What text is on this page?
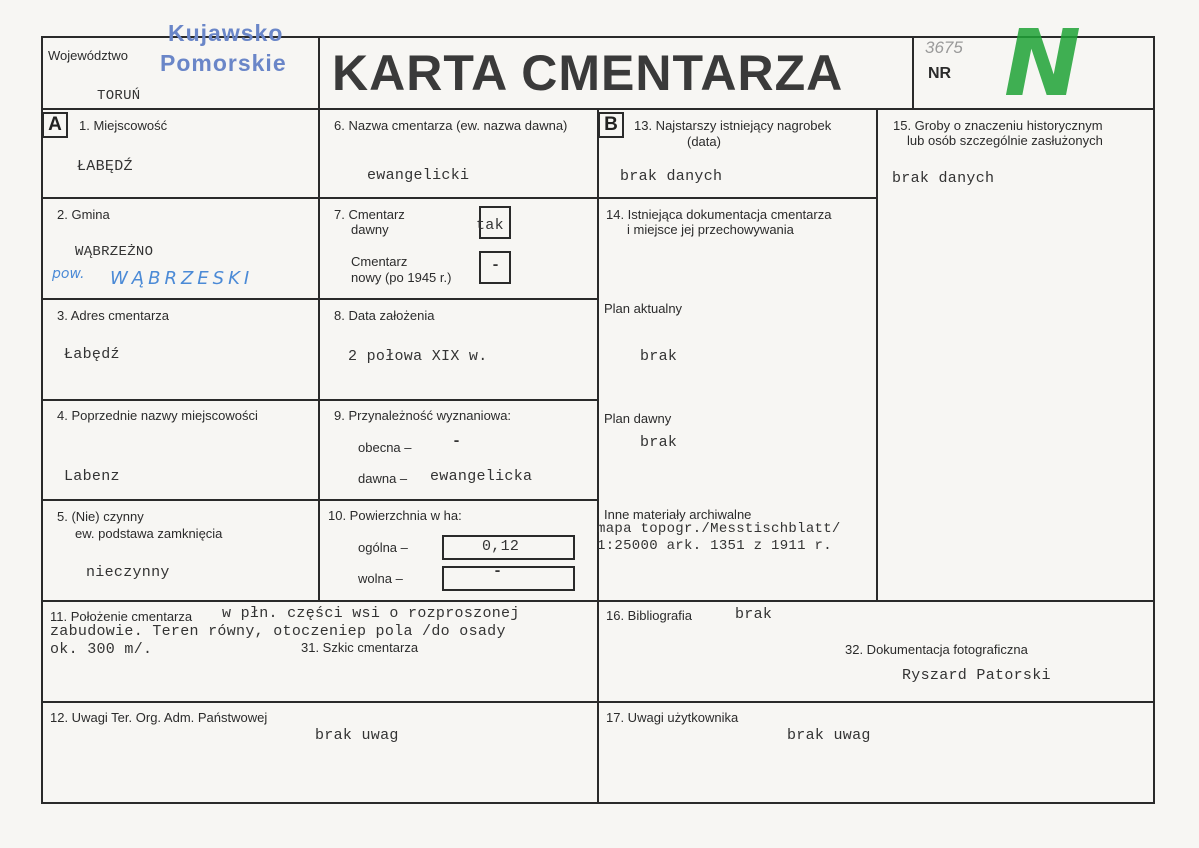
Województwo
Kujawsko
Pomorskie
TORUŃ	KARTA CMENTARZA	NR
3675 N
A	1. Miejscowość
ŁABĘDŹ
6. Nazwa cmentarza (ew. nazwa dawna)
ewangelicki
B	13. Najstarszy istniejący nagrobek
(data)
brak danych
15. Groby o znaczeniu historycznym
lub osób szczególnie zasłużonych
brak danych
2. Gmina
WĄBRZEŻNO
pow. WĄBRZESKI
7. Cmentarz
dawny	tak
Cmentarz
nowy (po 1945 r.)
-
14. Istniejąca dokumentacja cmentarza
i miejsce jej przechowywania
Plan aktualny
brak
3. Adres cmentarza
Łabędź
8. Data założenia
2 połowa XIX w.
Plan dawny
brak
4. Poprzednie nazwy miejscowości
Labenz
9. Przynależność wyznaniowa:
obecna –	-
dawna – ewangelicka
Inne materiały archiwalne
mapa topogr./Messtischblatt/
1:25000 ark. 1351 z 1911 r.
5. (Nie) czynny
ew. podstawa zamknięcia
nieczynny
10. Powierzchnia w ha:
ogólna –	0,12
wolna –	-
11. Położenie cmentarza w płn. części wsi o rozproszonej
zabudowie. Teren równy, otoczeniep pola /do osady
ok. 300 m/.	31. Szkic cmentarza
16. Bibliografia	brak
32. Dokumentacja fotograficzna
Ryszard Patorski
12. Uwagi Ter. Org. Adm. Państwowej
brak uwag
17. Uwagi użytkownika
brak uwag
